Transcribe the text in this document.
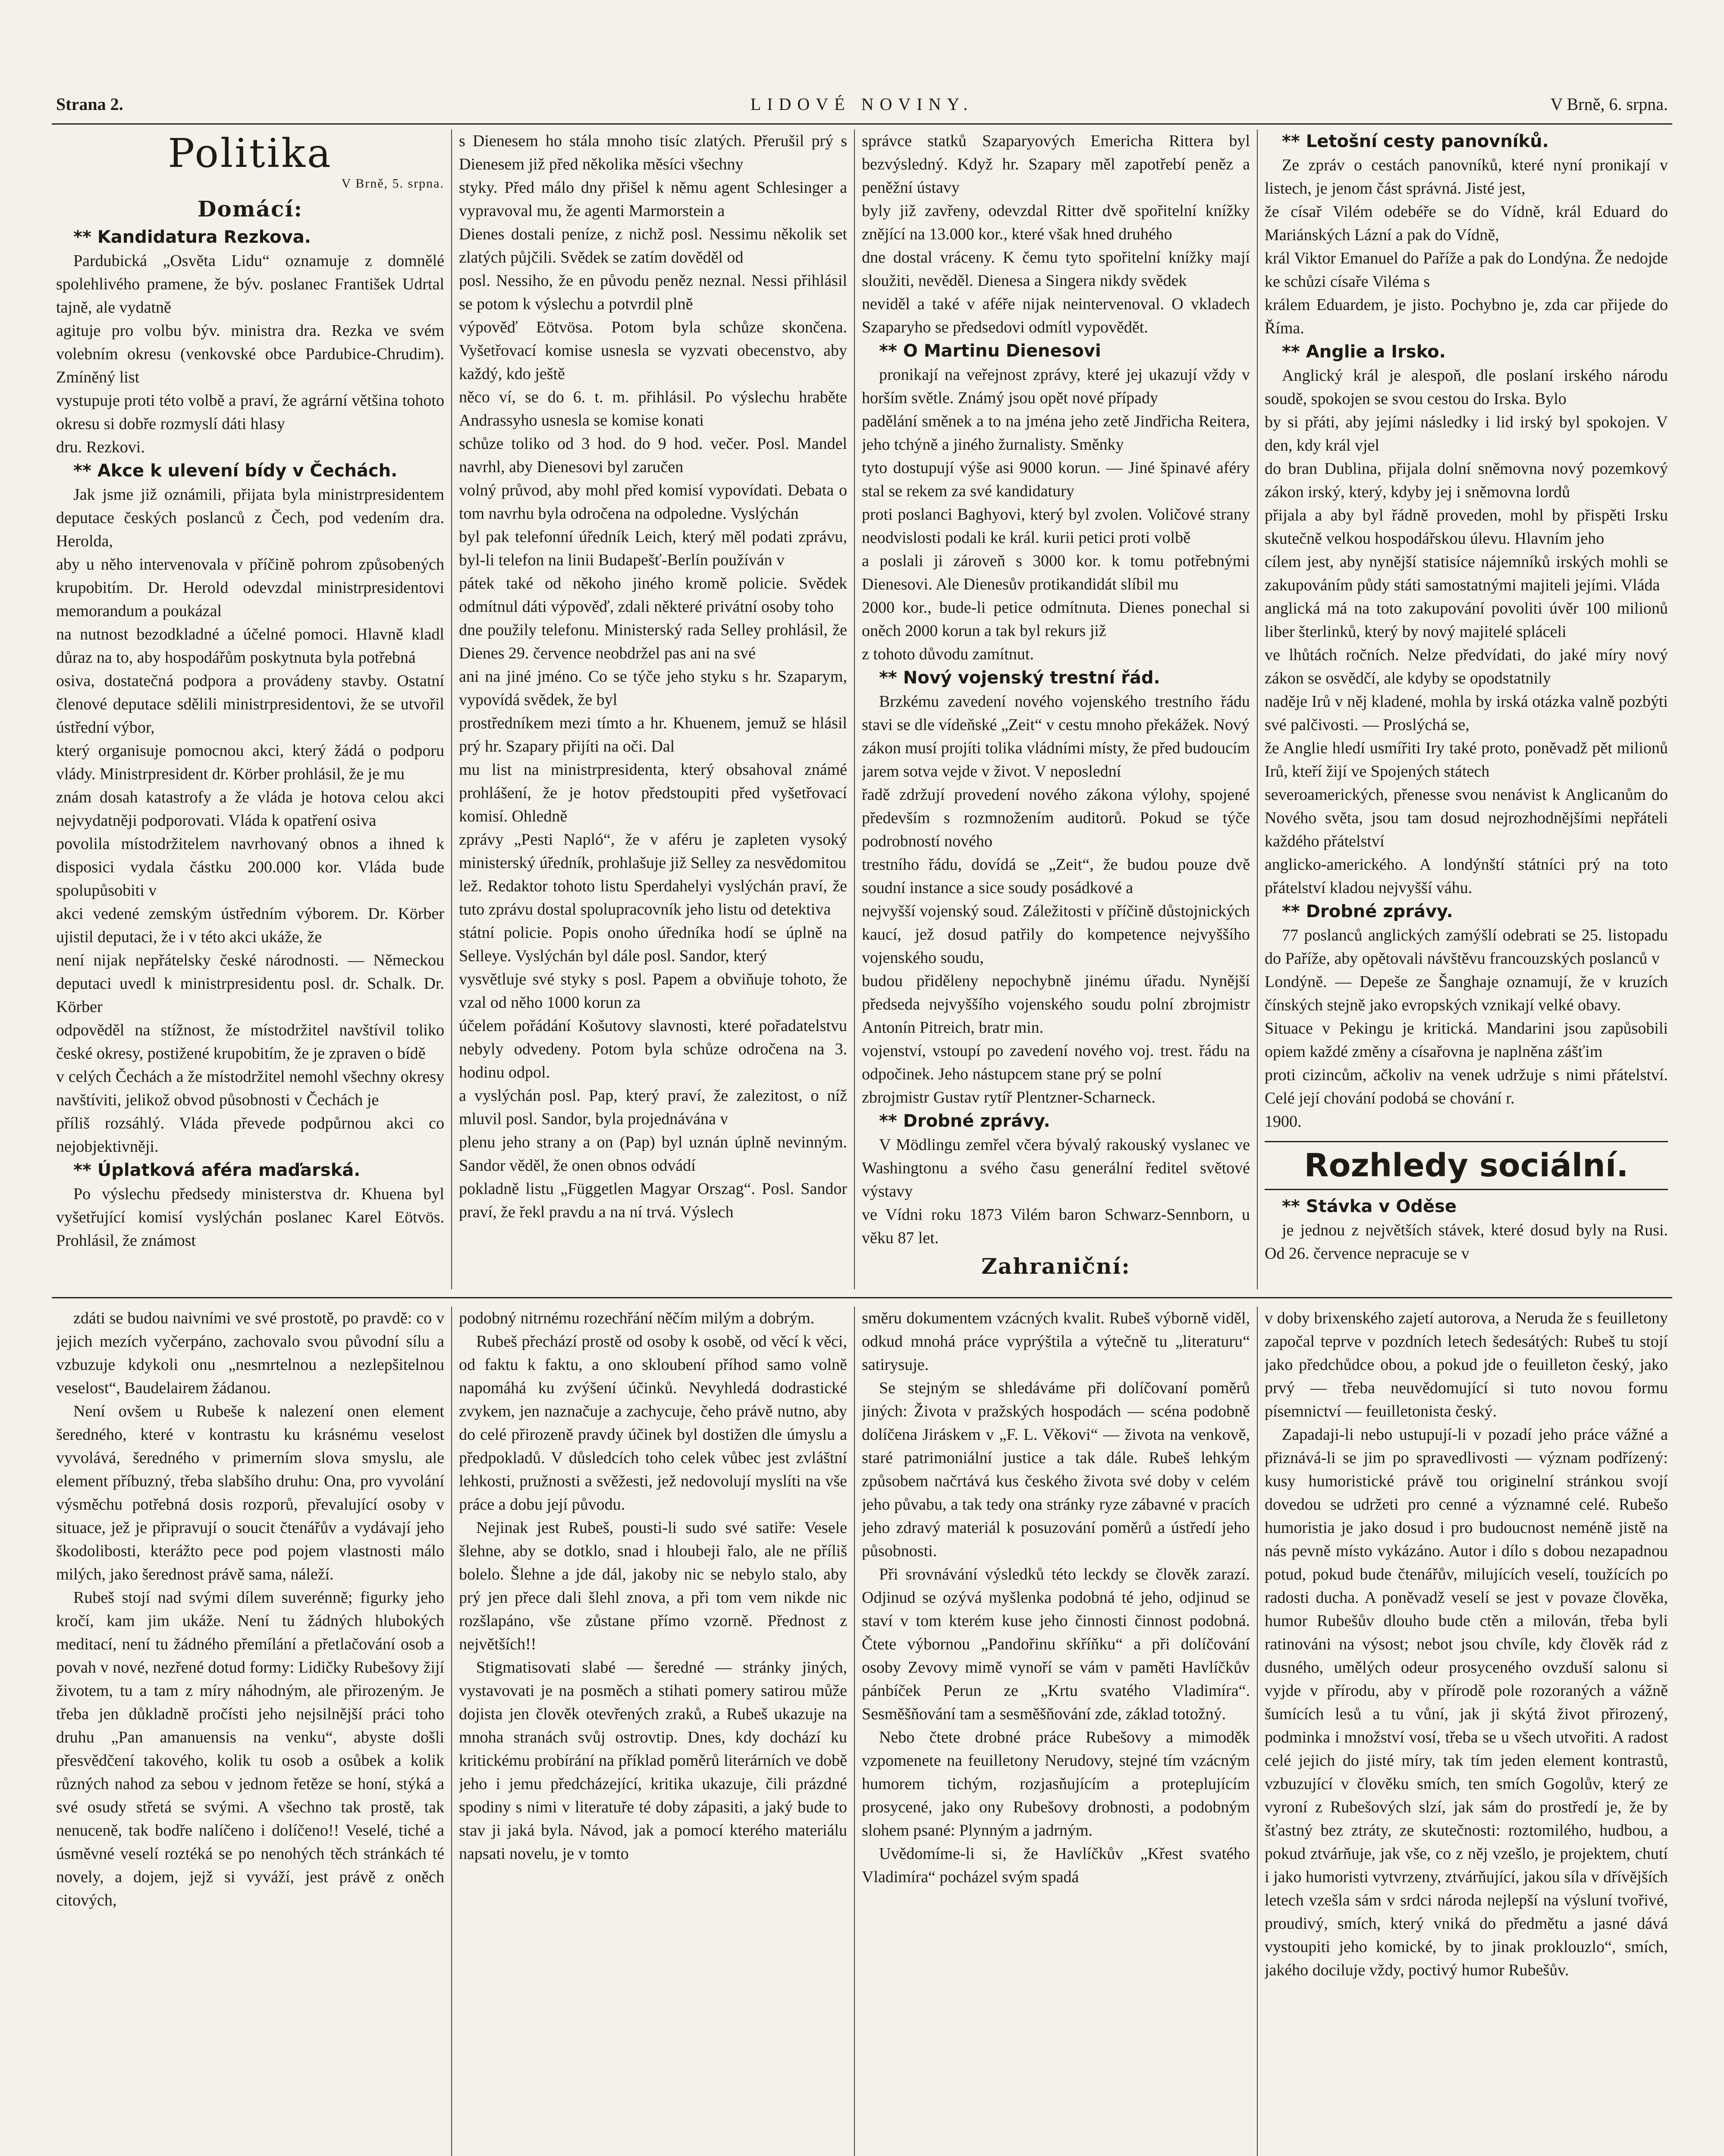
Strana 2.	LIDOVÉ NOVINY.	V Brně, 6. srpna.
Politika
V Brně, 5. srpna.
Domácí:
** Kandidatura Rezkova.

Pardubická „Osvěta Lidu“ oznamuje z domnělé spolehlivého pramene, že býv. poslanec František Udrtal tajně, ale vydatně

agituje pro volbu býv. ministra dra. Rezka ve svém volebním okresu (venkovské obce Pardubice-Chrudim). Zmíněný list

vystupuje proti této volbě a praví, že agrární většina tohoto okresu si dobře rozmyslí dáti hlasy

dru. Rezkovi.

** Akce k ulevení bídy v Čechách.

Jak jsme již oznámili, přijata byla ministrpresidentem deputace českých poslanců z Čech, pod vedením dra. Herolda,

aby u něho intervenovala v příčině pohrom způsobených krupobitím. Dr. Herold odevzdal ministrpresidentovi memorandum a poukázal

na nutnost bezodkladné a účelné pomoci. Hlavně kladl důraz na to, aby hospodářům poskytnuta byla potřebná

osiva, dostatečná podpora a provádeny stavby. Ostatní členové deputace sdělili ministrpresidentovi, že se utvořil ústřední výbor,

který organisuje pomocnou akci, který žádá o podporu vlády. Ministrpresident dr. Körber prohlásil, že je mu

znám dosah katastrofy a že vláda je hotova celou akci nejvydatněji podporovati. Vláda k opatření osiva

povolila místodržitelem navrhovaný obnos a ihned k disposici vydala částku 200.000 kor. Vláda bude spolupůsobiti v

akci vedené zemským ústředním výborem. Dr. Körber ujistil deputaci, že i v této akci ukáže, že

není nijak nepřátelsky české národnosti. — Německou deputaci uvedl k ministrpresidentu posl. dr. Schalk. Dr. Körber

odpověděl na stížnost, že místodržitel navštívil toliko české okresy, postižené krupobitím, že je zpraven o bídě

v celých Čechách a že místodržitel nemohl všechny okresy navštíviti, jelikož obvod působnosti v Čechách je

příliš rozsáhlý. Vláda převede podpůrnou akci co nejobjektivněji.

** Úplatková aféra maďarská.

Po výslechu předsedy ministerstva dr. Khuena byl vyšetřující komisí vyslýchán poslanec Karel Eötvös. Prohlásil, že známost

s Dienesem ho stála mnoho tisíc zlatých. Přerušil prý s Dienesem již před několika měsíci všechny

styky. Před málo dny přišel k němu agent Schlesinger a vypravoval mu, že agenti Marmorstein a

Dienes dostali peníze, z nichž posl. Nessimu několik set zlatých půjčili. Svědek se zatím dověděl od

posl. Nessiho, že en původu peněz neznal. Nessi přihlásil se potom k výslechu a potvrdil plně

výpověď Eötvösa. Potom byla schůze skončena. Vyšetřovací komise usnesla se vyzvati obecenstvo, aby každý, kdo ještě

něco ví, se do 6. t. m. přihlásil. Po výslechu hraběte Andrassyho usnesla se komise konati

schůze toliko od 3 hod. do 9 hod. večer. Posl. Mandel navrhl, aby Dienesovi byl zaručen

volný průvod, aby mohl před komisí vypovídati. Debata o tom navrhu byla odročena na odpoledne. Vyslýchán

byl pak telefonní úředník Leich, který měl podati zprávu, byl-li telefon na linii Budapešť-Berlín používán v

pátek také od někoho jiného kromě policie. Svědek odmítnul dáti výpověď, zdali některé privátní osoby toho

dne použily telefonu. Ministerský rada Selley prohlásil, že Dienes 29. července neobdržel pas ani na své

ani na jiné jméno. Co se týče jeho styku s hr. Szaparym, vypovídá svědek, že byl

prostředníkem mezi tímto a hr. Khuenem, jemuž se hlásil prý hr. Szapary přijíti na oči. Dal

mu list na ministrpresidenta, který obsahoval známé prohlášení, že je hotov předstoupiti před vyšetřovací komisí. Ohledně

zprávy „Pesti Napló“, že v aféru je zapleten vysoký ministerský úředník, prohlašuje již Selley za nesvědomitou

lež. Redaktor tohoto listu Sperdahelyi vyslýchán praví, že tuto zprávu dostal spolupracovník jeho listu od detektiva

státní policie. Popis onoho úředníka hodí se úplně na Selleye. Vyslýchán byl dále posl. Sandor, který

vysvětluje své styky s posl. Papem a obviňuje tohoto, že vzal od něho 1000 korun za

účelem pořádání Košutovy slavnosti, které pořadatelstvu nebyly odvedeny. Potom byla schůze odročena na 3. hodinu odpol.

a vyslýchán posl. Pap, který praví, že zalezitost, o níž mluvil posl. Sandor, byla projednávána v

plenu jeho strany a on (Pap) byl uznán úplně nevinným. Sandor věděl, že onen obnos odvádí

pokladně listu „Független Magyar Orszag“. Posl. Sandor praví, že řekl pravdu a na ní trvá. Výslech

správce statků Szaparyových Emericha Rittera byl bezvýsledný. Když hr. Szapary měl zapotřebí peněz a peněžní ústavy

byly již zavřeny, odevzdal Ritter dvě spořitelní knížky znějící na 13.000 kor., které však hned druhého

dne dostal vráceny. K čemu tyto spořitelní knížky mají sloužiti, nevěděl. Dienesa a Singera nikdy svědek

neviděl a také v aféře nijak neintervenoval. O vkladech Szaparyho se předsedovi odmítl vypovědět.

** O Martinu Dienesovi

pronikají na veřejnost zprávy, které jej ukazují vždy v horším světle. Známý jsou opět nové případy

padělání směnek a to na jména jeho zetě Jindřicha Reitera, jeho tchýně a jiného žurnalisty. Směnky

tyto dostupují výše asi 9000 korun. — Jiné špinavé aféry stal se rekem za své kandidatury

proti poslanci Baghyovi, který byl zvolen. Voličové strany neodvislosti podali ke král. kurii petici proti volbě

a poslali ji zároveň s 3000 kor. k tomu potřebnými Dienesovi. Ale Dienesův protikandidát slíbil mu

2000 kor., bude-li petice odmítnuta. Dienes ponechal si oněch 2000 korun a tak byl rekurs již

z tohoto důvodu zamítnut.

** Nový vojenský trestní řád.

Brzkému zavedení nového vojenského trestního řádu stavi se dle vídeňské „Zeit“ v cestu mnoho překážek. Nový

zákon musí projíti tolika vládními místy, že před budoucím jarem sotva vejde v život. V neposlední

řadě zdržují provedení nového zákona výlohy, spojené především s rozmnožením auditorů. Pokud se týče podrobností nového

trestního řádu, dovídá se „Zeit“, že budou pouze dvě soudní instance a sice soudy posádkové a

nejvyšší vojenský soud. Záležitosti v příčině důstojnických kaucí, jež dosud patřily do kompetence nejvyššího vojenského soudu,

budou přiděleny nepochybně jinému úřadu. Nynější předseda nejvyššího vojenského soudu polní zbrojmistr Antonín Pitreich, bratr min.

vojenství, vstoupí po zavedení nového voj. trest. řádu na odpočinek. Jeho nástupcem stane prý se polní

zbrojmistr Gustav rytíř Plentzner-Scharneck.

** Drobné zprávy.

V Mödlingu zemřel včera bývalý rakouský vyslanec ve Washingtonu a svého času generální ředitel světové výstavy

ve Vídni roku 1873 Vilém baron Schwarz-Sennborn, u věku 87 let.

Zahraniční:
** Letošní cesty panovníků.

Ze zpráv o cestách panovníků, které nyní pronikají v listech, je jenom část správná. Jisté jest,

že císař Vilém odebéře se do Vídně, král Eduard do Mariánských Lázní a pak do Vídně,

král Viktor Emanuel do Paříže a pak do Londýna. Že nedojde ke schůzi císaře Viléma s

králem Eduardem, je jisto. Pochybno je, zda car přijede do Říma.

** Anglie a Irsko.

Anglický král je alespoň, dle poslaní irského národu soudě, spokojen se svou cestou do Irska. Bylo

by si přáti, aby jejími následky i lid irský byl spokojen. V den, kdy král vjel

do bran Dublina, přijala dolní sněmovna nový pozemkový zákon irský, který, kdyby jej i sněmovna lordů

přijala a aby byl řádně proveden, mohl by přispěti Irsku skutečně velkou hospodářskou úlevu. Hlavním jeho

cílem jest, aby nynější statisíce nájemníků irských mohli se zakupováním půdy státi samostatnými majiteli jejími. Vláda

anglická má na toto zakupování povoliti úvěr 100 milionů liber šterlinků, který by nový majitelé spláceli

ve lhůtách ročních. Nelze předvídati, do jaké míry nový zákon se osvědčí, ale kdyby se opodstatnily

naděje Irů v něj kladené, mohla by irská otázka valně pozbýti své palčivosti. — Proslýchá se,

že Anglie hledí usmířiti Iry také proto, poněvadž pět milionů Irů, kteří žijí ve Spojených státech

severoamerických, přenesse svou nenávist k Anglicanům do Nového světa, jsou tam dosud nejrozhodnějšími nepřáteli každého přátelství

anglicko-amerického. A londýnští státníci prý na toto přátelství kladou nejvyšší váhu.

** Drobné zprávy.

77 poslanců anglických zamýšlí odebrati se 25. listopadu do Paříže, aby opětovali návštěvu francouzských poslanců v

Londýně. — Depeše ze Šanghaje oznamují, že v kruzích čínských stejně jako evropských vznikají velké obavy.

Situace v Pekingu je kritická. Mandarini jsou zapůsobili opiem každé změny a císařovna je naplněna zášťim

proti cizincům, ačkoliv na venek udržuje s nimi přátelství. Celé její chování podobá se chování r.

1900.

Rozhledy sociální.
** Stávka v Oděse

je jednou z největších stávek, které dosud byly na Rusi. Od 26. července nepracuje se v

zdáti se budou naivními ve své prostotě, po pravdě: co v jejich mezích vyčerpáno, zachovalo svou původní sílu a vzbuzuje kdykoli onu „nesmrtelnou a nezlepšitelnou veselost“, Baudelairem žádanou.

Není ovšem u Rubeše k nalezení onen element šeredného, které v kontrastu ku krásnému veselost vyvolává, šeredného v primerním slova smyslu, ale element příbuzný, třeba slabšího druhu: Ona, pro vyvolání výsměchu potřebná dosis rozporů, převalující osoby v situace, jež je připravují o soucit čtenářův a vydávají jeho škodolibosti, kterážto pece pod pojem vlastnosti málo milých, jako šerednost právě sama, náleží.

Rubeš stojí nad svými dílem suverénně; figurky jeho kročí, kam jim ukáže. Není tu žádných hlubokých meditací, není tu žádného přemílání a přetlačování osob a povah v nové, nezřené dotud formy: Lidičky Rubešovy žijí životem, tu a tam z míry náhodným, ale přirozeným. Je třeba jen důkladně pročísti jeho nejsilnější práci toho druhu „Pan amanuensis na venku“, abyste došli přesvědčení takového, kolik tu osob a osůbek a kolik různých nahod za sebou v jednom řetěze se honí, stýká a své osudy střetá se svými. A všechno tak prostě, tak nenuceně, tak bodře nalíčeno i dolíčeno!! Veselé, tiché a úsměvné veselí roztéká se po nenohých těch stránkách té novely, a dojem, jejž si vyváží, jest právě z oněch citových,

podobný nitrnému rozechřání něčím milým a dobrým.

Rubeš přechází prostě od osoby k osobě, od věcí k věci, od faktu k faktu, a ono skloubení příhod samo volně napomáhá ku zvýšení účinků. Nevyhledá dodrastické zvykem, jen naznačuje a zachycuje, čeho právě nutno, aby do celé přirozeně pravdy účinek byl dostižen dle úmyslu a předpokladů. V důsledcích toho celek vůbec jest zvláštní lehkosti, pružnosti a svěžesti, jež nedovolují myslíti na vše práce a dobu její původu.

Nejinak jest Rubeš, pousti-li sudo své satiře: Vesele šlehne, aby se dotklo, snad i hloubeji řalo, ale ne příliš bolelo. Šlehne a jde dál, jakoby nic se nebylo stalo, aby prý jen přece dali šlehl znova, a při tom vem nikde nic rozšlapáno, vše zůstane přímo vzorně. Přednost z největších!!

Stigmatisovati slabé — šeredné — stránky jiných, vystavovati je na posměch a stihati pomery satirou může dojista jen člověk otevřených zraků, a Rubeš ukazuje na mnoha stranách svůj ostrovtip. Dnes, kdy dochází ku kritickému probírání na příklad poměrů literárních ve době jeho i jemu předcházející, kritika ukazuje, čili prázdné spodiny s nimi v literatuře té doby zápasiti, a jaký bude to stav ji jaká byla. Návod, jak a pomocí kterého materiálu napsati novelu, je v tomto

směru dokumentem vzácných kvalit. Rubeš výborně viděl, odkud mnohá práce vyprýštila a výtečně tu „literaturu“ satirysuje.

Se stejným se shledáváme při dolíčovaní poměrů jiných: Života v pražských hospodách — scéna podobně dolíčena Jiráskem v „F. L. Věkovi“ — života na venkově, staré patrimoniální justice a tak dále. Rubeš lehkým způsobem načrtává kus českého života své doby v celém jeho půvabu, a tak tedy ona stránky ryze zábavné v pracích jeho zdravý materiál k posuzování poměrů a ústředí jeho působnosti.

Při srovnávání výsledků této leckdy se člověk zarazí. Odjinud se ozývá myšlenka podobná té jeho, odjinud se staví v tom kterém kuse jeho činnosti činnost podobná. Čtete výbornou „Pandořinu skříňku“ a při dolíčování osoby Zevovy mimě vynoří se vám v paměti Havlíčkův pánbíček Perun ze „Krtu svatého Vladimíra“. Sesměšňování tam a sesměšňování zde, základ totožný.

Nebo čtete drobné práce Rubešovy a mimoděk vzpomenete na feuilletony Nerudovy, stejné tím vzácným humorem tichým, rozjasňujícím a proteplujícím prosycené, jako ony Rubešovy drobnosti, a podobným slohem psané: Plynným a jadrným.

Uvědomíme-li si, že Havlíčkův „Křest svatého Vladimíra“ pocházel svým spadá

v doby brixenského zajetí autorova, a Neruda že s feuilletony započal teprve v pozdních letech šedesátých: Rubeš tu stojí jako předchůdce obou, a pokud jde o feuilleton český, jako prvý — třeba neuvědomující si tuto novou formu písemnictví — feuilletonista český.

Zapadaji-li nebo ustupují-li v pozadí jeho práce vážné a přiznává-li se jim po spravedlivosti — význam podřízený: kusy humoristické právě tou originelní stránkou svojí dovedou se udržeti pro cenné a významné celé. Rubešo humoristia je jako dosud i pro budoucnost neméně jistě na nás pevně místo vykázáno. Autor i dílo s dobou nezapadnou potud, pokud bude čtenářův, milujících veselí, toužících po radosti ducha. A poněvadž veselí se jest v povaze člověka, humor Rubešův dlouho bude ctěn a milován, třeba byli ratinováni na výsost; nebot jsou chvíle, kdy člověk rád z dusného, umělých odeur prosyceného ovzduší salonu si vyjde v přírodu, aby v přírodě pole rozoraných a vážně šumících lesů a tu vůní, jak ji skýtá život přirozený, podminka i množství vosí, třeba se u všech utvořiti. A radost celé jejich do jisté míry, tak tím jeden element kontrastů, vzbuzující v člověku smích, ten smích Gogolův, který ze vyroní z Rubešových slzí, jak sám do prostředí je, že by šťastný bez ztráty, ze skutečnosti: roztomilého, hudbou, a pokud ztvárňuje, jak vše, co z něj vzešlo, je projektem, chutí i jako humoristi vytvrzeny, ztvárňující, jakou síla v dřívějších letech vzešla sám v srdci národa nejlepší na výsluní tvořivé, proudivý, smích, který vniká do předmětu a jasné dává vystoupiti jeho komické, by to jinak proklouzlo“, smích, jakého dociluje vždy, poctivý humor Rubešův.
